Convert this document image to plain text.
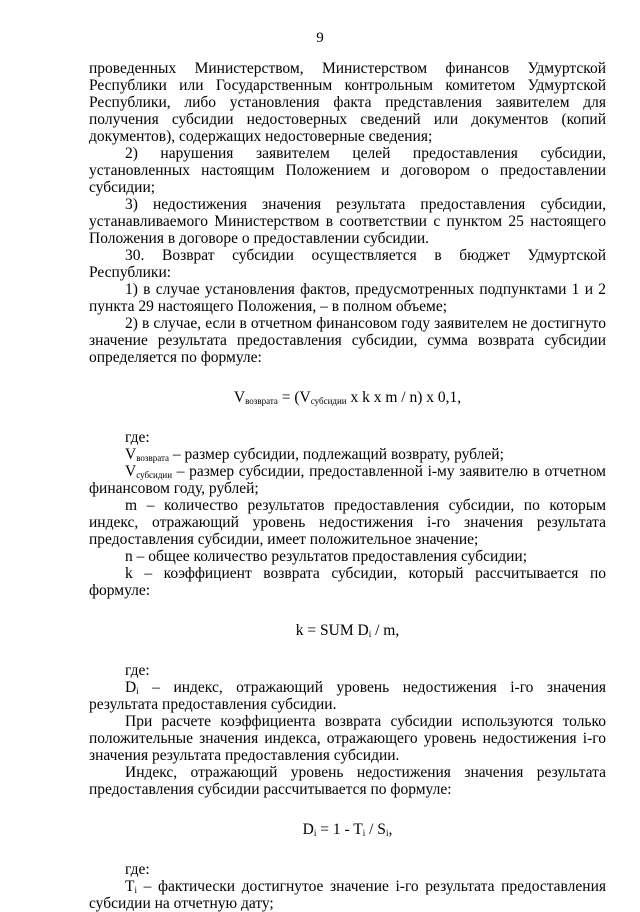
9

проведенных Министерством, Министерством финансов Удмуртской Республики или Государственным контрольным комитетом Удмуртской Республики, либо установления факта представления заявителем для получения субсидии недостоверных сведений или документов (копий документов), содержащих недостоверные сведения;

2) нарушения заявителем целей предоставления субсидии, установленных настоящим Положением и договором о предоставлении субсидии;

3) недостижения значения результата предоставления субсидии, устанавливаемого Министерством в соответствии с пунктом 25 настоящего Положения в договоре о предоставлении субсидии.

30. Возврат субсидии осуществляется в бюджет Удмуртской Республики:

1) в случае установления фактов, предусмотренных подпунктами 1 и 2 пункта 29 настоящего Положения, – в полном объеме;

2) в случае, если в отчетном финансовом году заявителем не достигнуто значение результата предоставления субсидии, сумма возврата субсидии определяется по формуле:

$V_{возврата} = (V_{субсидии}$ x k x m / n) x 0,1,

где:

$V_{возврата}$ – размер субсидии, подлежащий возврату, рублей;

$V_{субсидии}$ – размер субсидии, предоставленной i-му заявителю в отчетном финансовом году, рублей;

m – количество результатов предоставления субсидии, по которым индекс, отражающий уровень недостижения i-го значения результата предоставления субсидии, имеет положительное значение;

n – общее количество результатов предоставления субсидии;

k – коэффициент возврата субсидии, который рассчитывается по формуле:

k = SUM $D_i$ / m,

где:

$D_i$ – индекс, отражающий уровень недостижения i-го значения результата предоставления субсидии.

При расчете коэффициента возврата субсидии используются только положительные значения индекса, отражающего уровень недостижения i-го значения результата предоставления субсидии.

Индекс, отражающий уровень недостижения значения результата предоставления субсидии рассчитывается по формуле:

$D_i = 1 - T_i / S_i$,

где:

$T_i$ – фактически достигнутое значение i-го результата предоставления субсидии на отчетную дату;
